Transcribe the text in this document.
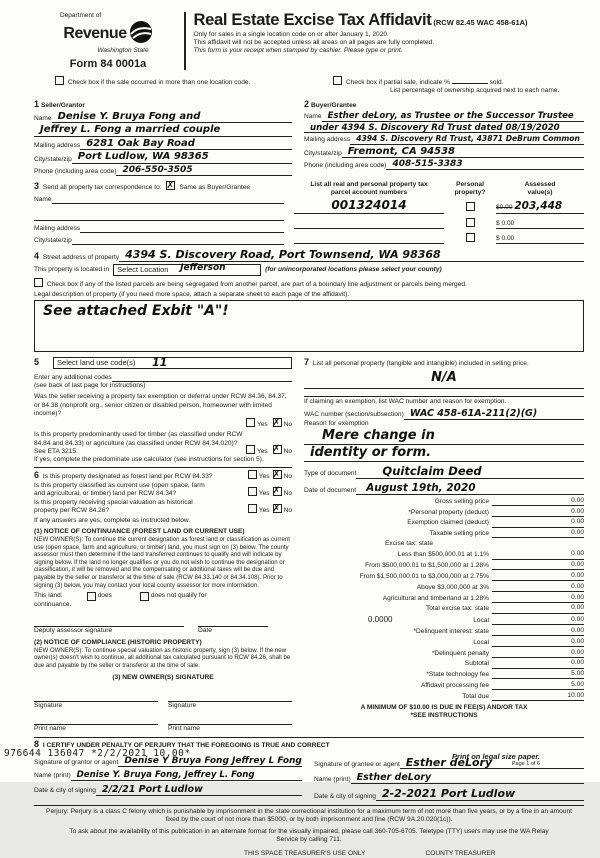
Department of
Revenue
Washington State
Form 84 0001a
Real Estate Excise Tax Affidavit (RCW 82.45 WAC 458-61A)
Only for sales in a single location code on or after January 1, 2020.
This affidavit will not be accepted unless all areas on all pages are fully completed.
This form is your receipt when stamped by cashier. Please type or print.
Check box if the sale occurred in more than one location code.	Check box if partial sale, indicate %	sold.
List percentage of ownership acquired next to each name.
1 Seller/Grantor
Name Denise Y. Bruya Fong and
Jeffrey L. Fong a married couple
Mailing address 6281 Oak Bay Road
City/state/zip Port Ludlow, WA 98365
Phone (including area code) 206-550-3505
2 Buyer/Grantee
Name Esther deLory, as Trustee or the Successor Trustee
under 4394 S. Discovery Rd Trust dated 08/19/2020
Mailing address 4394 S. Discovery Rd Trust, 43871 DeBrum Common
City/state/zip Fremont, CA 94538
Phone (including area code) 408-515-3383
3 Send all property tax correspondence to: ✗	Same as Buyer/Grantee
Name
Mailing address
City/state/zip
List all real and personal property tax
parcel account numbers
Personal
property?
Assessed
value(s)
001324014	$0.00 203,448
$ 0.00
$ 0.00
4 Street address of property 4394 S. Discovery Road, Port Townsend, WA 98368
This property is located in	Select Location Jefferson	(for unincorporated locations please select your county)
Check box if any of the listed parcels are being segregated from another parcel, are part of a boundary line adjustment or parcels being merged.
Legal description of property (if you need more space, attach a separate sheet to each page of the affidavit).
See attached Exbit "A"!
5	Select land use code(s) 11
Enter any additional codes
(see back of last page for instructions)
Was the seller receiving a property tax exemption or deferral under RCW 84.36, 84.37, or 84.38 (nonprofit org., senior citizen or disabled person, homeowner with limited income)?
Yes ✗ No
Is this property predominantly used for timber (as classified under RCW 84.84 and 84.33) or agriculture (as classified under RCW 84.34.020)? See ETA 3215.	Yes ✗ No
If yes, complete the predominate use calculator (see instructions for section 5).
6 Is this property designated as forest land per RCW 84.33?	Yes ✗ No
Is this property classified as current use (open space, farm
and agricultural, or timber) land per RCW 84.34?	Yes ✗ No
Is this property receiving special valuation as historical
property per RCW 84.26?	Yes ✗ No
If any answers are yes, complete as instructed below.
(1) NOTICE OF CONTINUANCE (FOREST LAND OR CURRENT USE)
NEW OWNER(S): To continue the current designation as forest land or classification as current use (open space, farm and agriculture, or timber) land, you must sign on (3) below. The county assessor must then determine if the land transferred continues to qualify and will indicate by signing below. If the land no longer qualifies or you do not wish to continue the designation or classification, it will be removed and the compensating or additional taxes will be due and payable by the seller or transferor at the time of sale (RCW 84.33.140 or 84.34.108). Prior to signing (3) below, you may contact your local county assessor for more information.
This land:	does	does not qualify for
continuance.
Deputy assessor signature	Date
(2) NOTICE OF COMPLIANCE (HISTORIC PROPERTY)
NEW OWNER(S): To continue special valuation as historic property, sign (3) below. If the new owner(s) doesn't wish to continue, all additional tax calculated pursuant to RCW 84.26, shall be due and payable by the seller or transferor at the time of sale.
(3) NEW OWNER(S) SIGNATURE
Signature
Print name
Signature
Print name
7 List all personal property (tangible and intangible) included in selling price.
N/A
If claiming an exemption, list WAC number and reason for exemption.
WAC number (section/subsection) WAC 458-61A-211(2)(G)
Reason for exemption
Mere change in
identity or form.
Type of document	Quitclaim Deed
Date of document August 19th, 2020
Gross selling price	0.00
*Personal property (deduct)	0.00
Exemption claimed (deduct)	0.00
Taxable selling price	0.00
Excise tax: state
Less than $500,000.01 at 1.1%	0.00
From $500,000.01 to $1,500,000 at 1.28%	0.00
From $1,500,000.01 to $3,000,000 at 2.75%	0.00
Above $3,000,000 at 3%	0.00
Agricultural and timberland at 1.28%	0.00
Total excise tax: state	0.00
0.0000	Local	0.00
*Delinquent interest: state	0.00
Local	0.00
*Delinquent penalty	0.00
Subtotal	0.00
*State technology fee	5.00
Affidavit processing fee	5.00
Total due	10.00
A MINIMUM OF $10.00 IS DUE IN FEE(S) AND/OR TAX
*SEE INSTRUCTIONS
8 I CERTIFY UNDER PENALTY OF PERJURY THAT THE FOREGOING IS TRUE AND CORRECT
Signature of grantor or agent Denise Y Bruya Fong Jeffrey L Fong
Name (print) Denise Y. Bruya Fong, Jeffrey L. Fong
Date & city of signing 2/2/21 Port Ludlow
Signature of grantee or agent Esther deLory
Name (print) Esther deLory
Date & city of signing 2-2-2021 Port Ludlow
Perjury: Perjury is a class C felony which is punishable by imprisonment in the state correctional institution for a maximum term of not more than five years, or by a fine in an amount fixed by the court of not more than $5000, or by both imprisonment and fine (RCW 9A.20.020(1c)).
To ask about the availability of this publication in an alternate format for the visually impaired, please call 360-705-6705. Teletype (TTY) users may use the WA Relay Service by calling 711.
THIS SPACE TREASURER'S USE ONLY	COUNTY TREASURER
976644 136047 *2/2/2021 10.00*	Print on legal size paper.
Page 1 of 6
